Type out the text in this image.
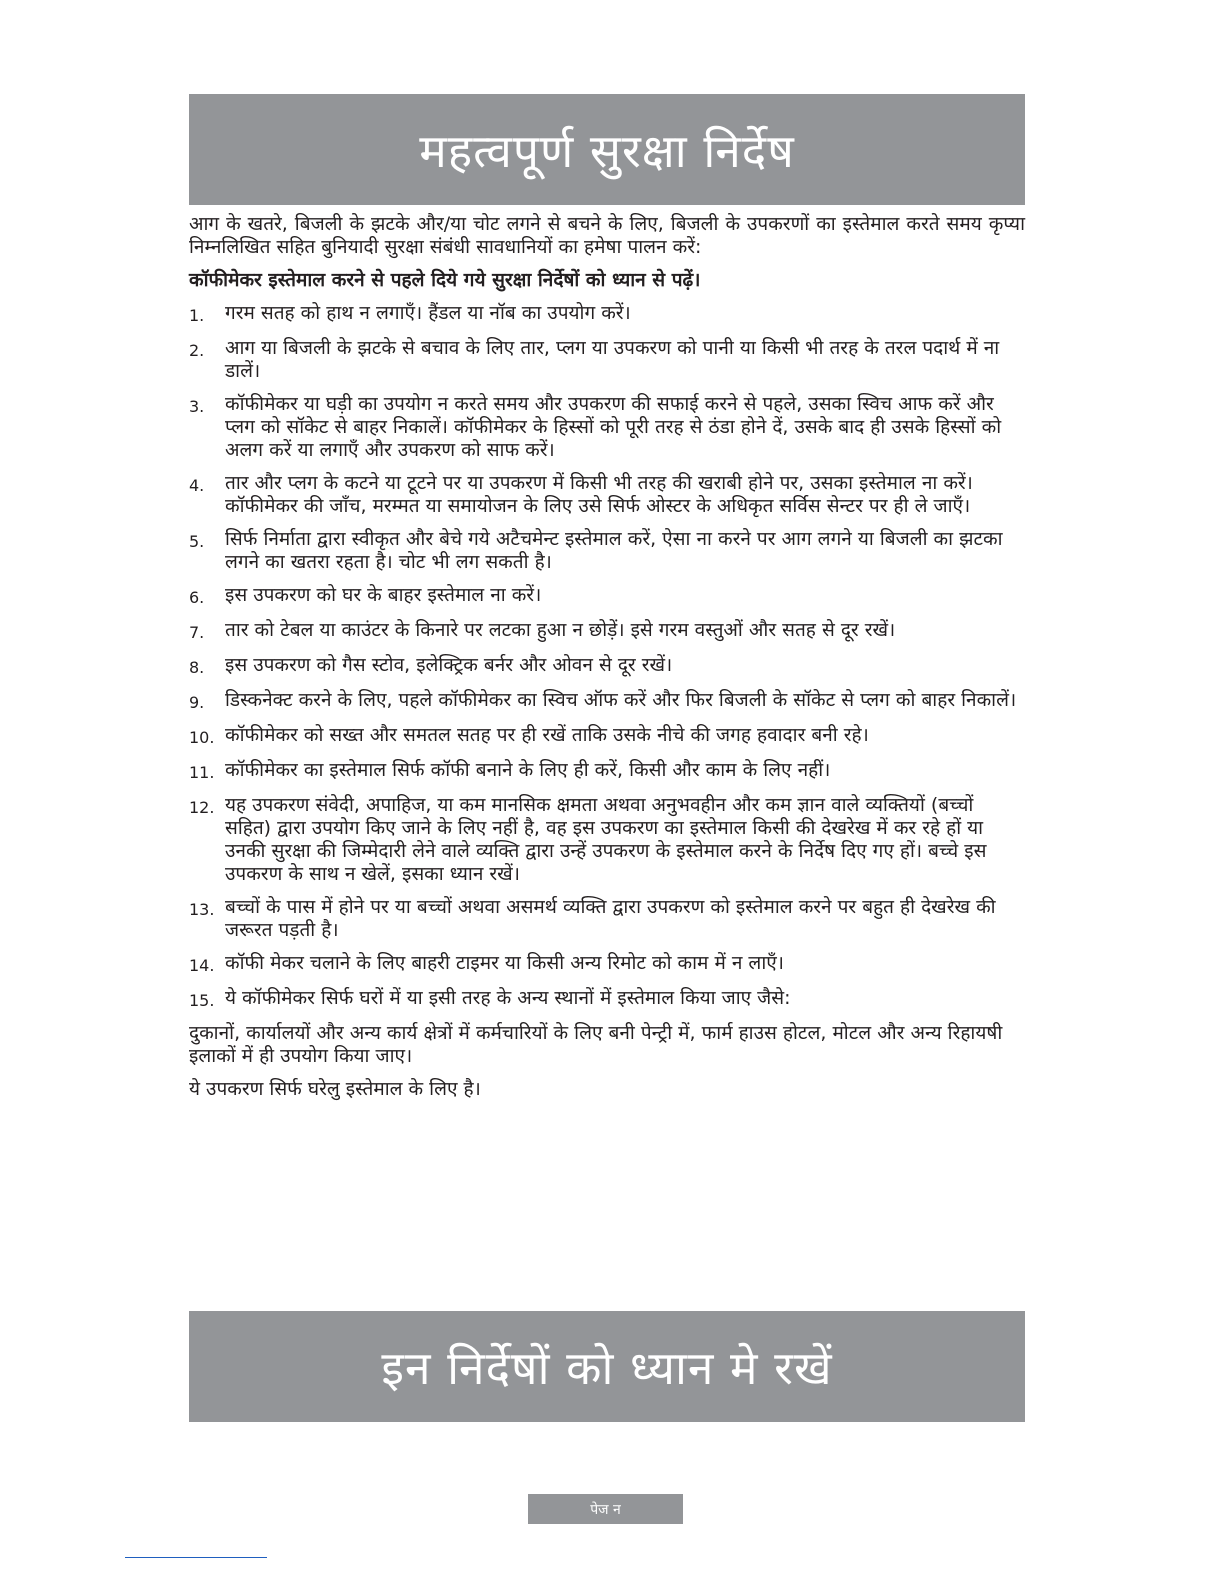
महत्वपूर्ण सुरक्षा निर्देष

आग के खतरे, बिजली के झटके और/या चोट लगने से बचने के लिए, बिजली के उपकरणों का इस्तेमाल करते समय कृप्या निम्नलिखित सहित बुनियादी सुरक्षा संबंधी सावधानियों का हमेषा पालन करें:

कॉफीमेकर इस्तेमाल करने से पहले दिये गये सुरक्षा निर्देषों को ध्यान से पढ़ें।

1.	गरम सतह को हाथ न लगाएँ। हैंडल या नॉब का उपयोग करें।
2.	आग या बिजली के झटके से बचाव के लिए तार, प्लग या उपकरण को पानी या किसी भी तरह के तरल पदार्थ में ना डालें।
3.	कॉफीमेकर या घड़ी का उपयोग न करते समय और उपकरण की सफाई करने से पहले, उसका स्विच आफ करें और प्लग को सॉकेट से बाहर निकालें। कॉफीमेकर के हिस्सों को पूरी तरह से ठंडा होने दें, उसके बाद ही उसके हिस्सों को अलग करें या लगाएँ और उपकरण को साफ करें।
4.	तार और प्लग के कटने या टूटने पर या उपकरण में किसी भी तरह की खराबी होने पर, उसका इस्तेमाल ना करें। कॉफीमेकर की जाँच, मरम्मत या समायोजन के लिए उसे सिर्फ ओस्टर के अधिकृत सर्विस सेन्टर पर ही ले जाएँ।
5.	सिर्फ निर्माता द्वारा स्वीकृत और बेचे गये अटैचमेन्ट इस्तेमाल करें, ऐसा ना करने पर आग लगने या बिजली का झटका लगने का खतरा रहता है। चोट भी लग सकती है।
6.	इस उपकरण को घर के बाहर इस्तेमाल ना करें।
7.	तार को टेबल या काउंटर के किनारे पर लटका हुआ न छोड़ें। इसे गरम वस्तुओं और सतह से दूर रखें।
8.	इस उपकरण को गैस स्टोव, इलेक्ट्रिक बर्नर और ओवन से दूर रखें।
9.	डिस्कनेक्ट करने के लिए, पहले कॉफीमेकर का स्विच ऑफ करें और फिर बिजली के सॉकेट से प्लग को बाहर निकालें।
10. कॉफीमेकर को सख्त और समतल सतह पर ही रखें ताकि उसके नीचे की जगह हवादार बनी रहे।
11. कॉफीमेकर का इस्तेमाल सिर्फ कॉफी बनाने के लिए ही करें, किसी और काम के लिए नहीं।
12. यह उपकरण संवेदी, अपाहिज, या कम मानसिक क्षमता अथवा अनुभवहीन और कम ज्ञान वाले व्यक्तियों (बच्चों सहित) द्वारा उपयोग किए जाने के लिए नहीं है, वह इस उपकरण का इस्तेमाल किसी की देखरेख में कर रहे हों या उनकी सुरक्षा की जिम्मेदारी लेने वाले व्यक्ति द्वारा उन्हें उपकरण के इस्तेमाल करने के निर्देष दिए गए हों। बच्चे इस उपकरण के साथ न खेलें, इसका ध्यान रखें।
13. बच्चों के पास में होने पर या बच्चों अथवा असमर्थ व्यक्ति द्वारा उपकरण को इस्तेमाल करने पर बहुत ही देखरेख की जरूरत पड़ती है।
14. कॉफी मेकर चलाने के लिए बाहरी टाइमर या किसी अन्य रिमोट को काम में न लाएँ।
15. ये कॉफीमेकर सिर्फ घरों में या इसी तरह के अन्य स्थानों में इस्तेमाल किया जाए जैसे:

दुकानों, कार्यालयों और अन्य कार्य क्षेत्रों में कर्मचारियों के लिए बनी पेन्ट्री में, फार्म हाउस होटल, मोटल और अन्य रिहायषी इलाकों में ही उपयोग किया जाए।

ये उपकरण सिर्फ घरेलु इस्तेमाल के लिए है।

इन निर्देषों को ध्यान मे रखें
पेज न
